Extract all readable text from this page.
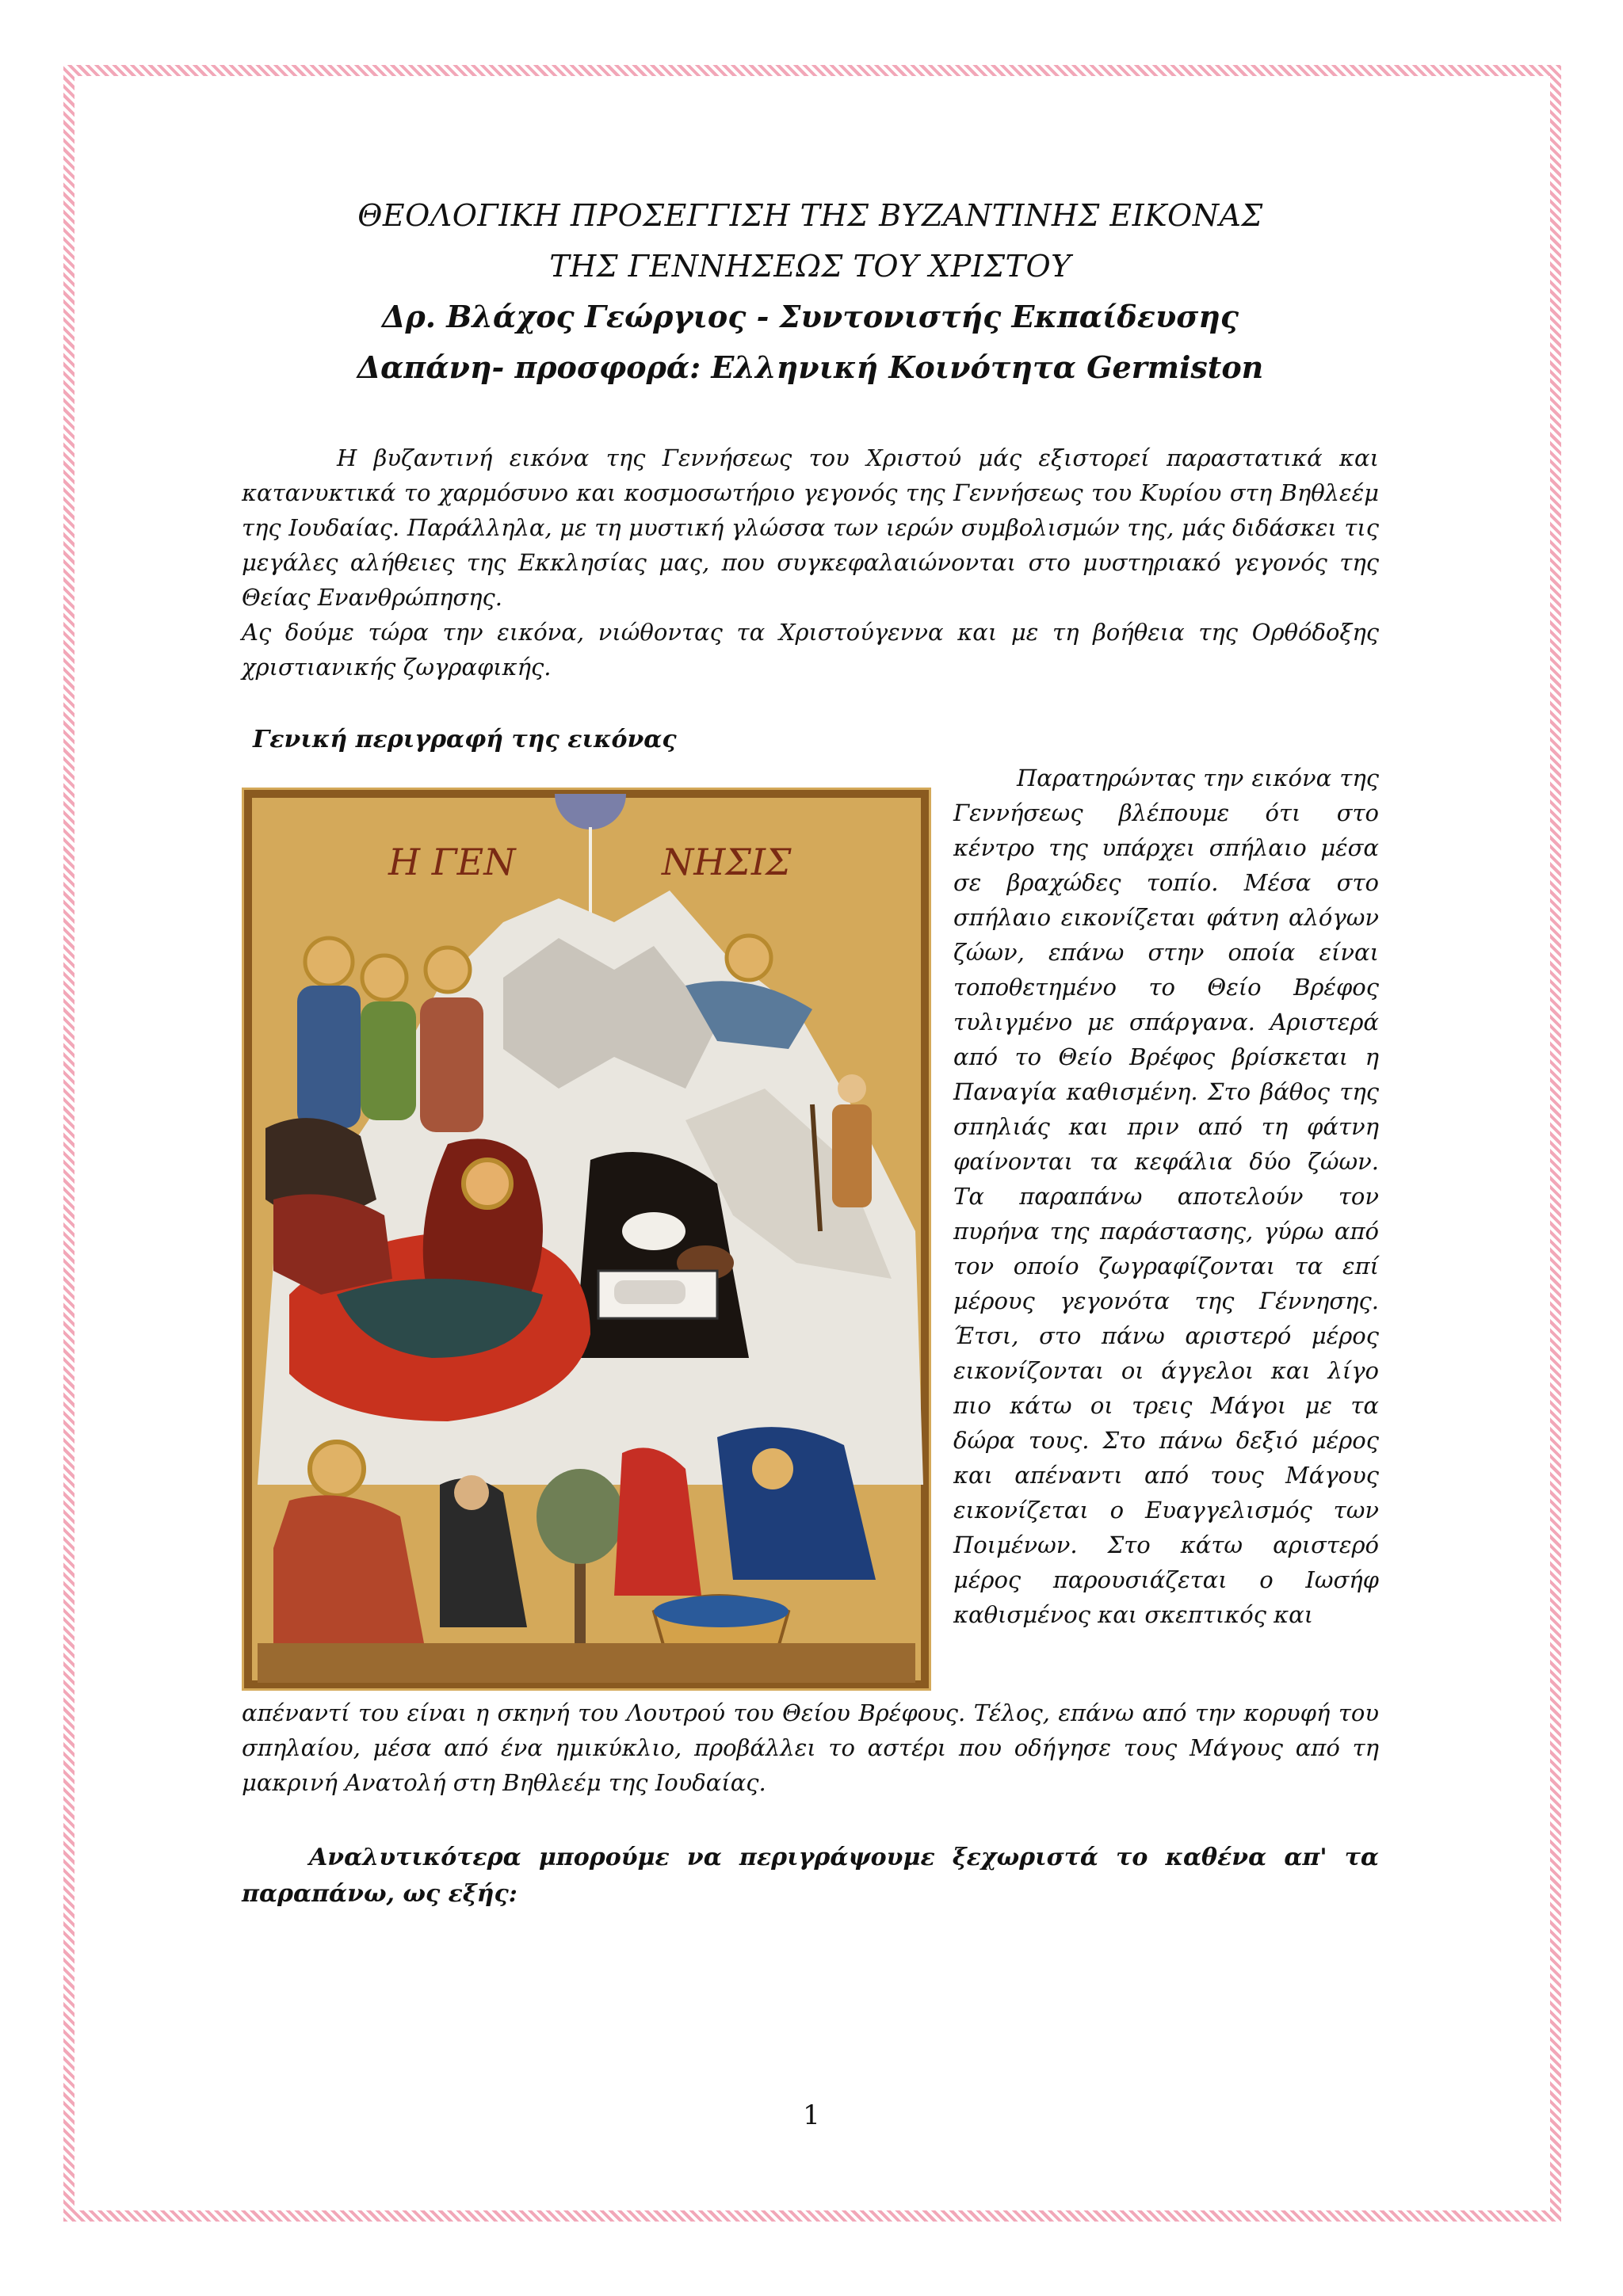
ΘΕΟΛΟΓΙΚΗ ΠΡΟΣΕΓΓΙΣΗ ΤΗΣ ΒΥΖΑΝΤΙΝΗΣ ΕΙΚΟΝΑΣ

ΤΗΣ ΓΕΝΝΗΣΕΩΣ ΤΟΥ ΧΡΙΣΤΟΥ

Δρ. Βλάχος Γεώργιος - Συντονιστής Εκπαίδευσης

Δαπάνη- προσφορά: Ελληνική Κοινότητα Germiston

Η βυζαντινή εικόνα της Γεννήσεως του Χριστού μάς εξιστορεί παραστατικά και κατανυκτικά το χαρμόσυνο και κοσμοσωτήριο γεγονός της Γεννήσεως του Κυρίου στη Βηθλεέμ της Ιουδαίας. Παράλληλα, με τη μυστική γλώσσα των ιερών συμβολισμών της, μάς διδάσκει τις μεγάλες αλήθειες της Εκκλησίας μας, που συγκεφαλαιώνονται στο μυστηριακό γεγονός της Θείας Ενανθρώπησης.

Ας δούμε τώρα την εικόνα, νιώθοντας τα Χριστούγεννα και με τη βοήθεια της Ορθόδοξης χριστιανικής ζωγραφικής.

Γενική περιγραφή της εικόνας

Η ΓΕΝ	ΝΗΣΙΣ

Παρατηρώντας την εικόνα της Γεννήσεως βλέπουμε ότι στο κέντρο της υπάρχει σπήλαιο μέσα σε βραχώδες τοπίο. Μέσα στο σπήλαιο εικονίζεται φάτνη αλόγων ζώων, επάνω στην οποία είναι τοποθετημένο το Θείο Βρέφος τυλιγμένο με σπάργανα. Αριστερά από το Θείο Βρέφος βρίσκεται η Παναγία καθισμένη. Στο βάθος της σπηλιάς και πριν από τη φάτνη φαίνονται τα κεφάλια δύο ζώων. Τα παραπάνω αποτελούν τον πυρήνα της παράστασης, γύρω από τον οποίο ζωγραφίζονται τα επί μέρους γεγονότα της Γέννησης. Έτσι, στο πάνω αριστερό μέρος εικονίζονται οι άγγελοι και λίγο πιο κάτω οι τρεις Μάγοι με τα δώρα τους. Στο πάνω δεξιό μέρος και απέναντι από τους Μάγους εικονίζεται ο Ευαγγελισμός των Ποιμένων. Στο κάτω αριστερό μέρος παρουσιάζεται ο Ιωσήφ καθισμένος και σκεπτικός και

απέναντί του είναι η σκηνή του Λουτρού του Θείου Βρέφους. Τέλος, επάνω από την κορυφή του σπηλαίου, μέσα από ένα ημικύκλιο, προβάλλει το αστέρι που οδήγησε τους Μάγους από τη μακρινή Ανατολή στη Βηθλεέμ της Ιουδαίας.

Αναλυτικότερα μπορούμε να περιγράψουμε ξεχωριστά το καθένα απ' τα παραπάνω, ως εξής:

1
